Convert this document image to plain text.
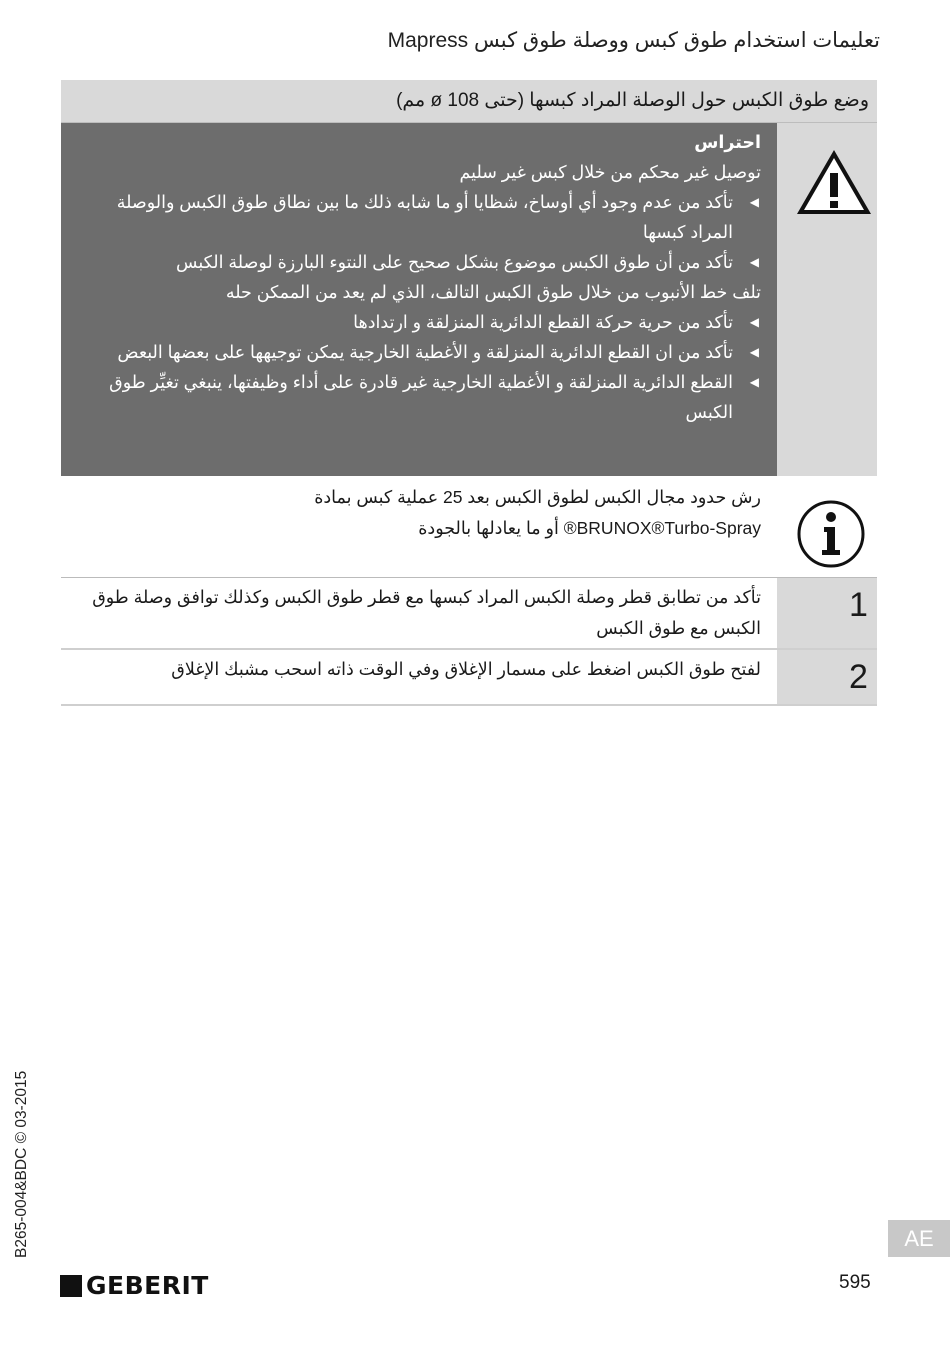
تعليمات استخدام طوق كبس ووصلة طوق كبس Mapress
وضع طوق الكبس حول الوصلة المراد كبسها (حتى ø 108 مم)
احتراس
توصيل غير محكم من خلال كبس غير سليم
◀ تأكد من عدم وجود أي أوساخ، شظايا أو ما شابه ذلك ما بين نطاق طوق الكبس والوصلة المراد كبسها
◀ تأكد من أن طوق الكبس موضوع بشكل صحيح على النتوء البارزة لوصلة الكبس
تلف خط الأنبوب من خلال طوق الكبس التالف، الذي لم يعد من الممكن حله
◀ تأكد من حرية حركة القطع الدائرية المنزلقة و ارتدادها
◀ تأكد من ان القطع الدائرية المنزلقة و الأغطية الخارجية يمكن توجيهها على بعضها البعض
◀ القطع الدائرية المنزلقة و الأغطية الخارجية غير قادرة على أداء وظيفتها، ينبغي تغيِّر طوق الكبس
رش حدود مجال الكبس لطوق الكبس بعد 25 عملية كبس بمادة
BRUNOX®Turbo-Spray® أو ما يعادلها بالجودة
1
تأكد من تطابق قطر وصلة الكبس المراد كبسها مع قطر طوق الكبس وكذلك توافق وصلة طوق الكبس مع طوق الكبس
2
لفتح طوق الكبس اضغط على مسمار الإغلاق وفي الوقت ذاته اسحب مشبك الإغلاق
B265-004&BDC © 03-2015
GEBERIT	595
AE
